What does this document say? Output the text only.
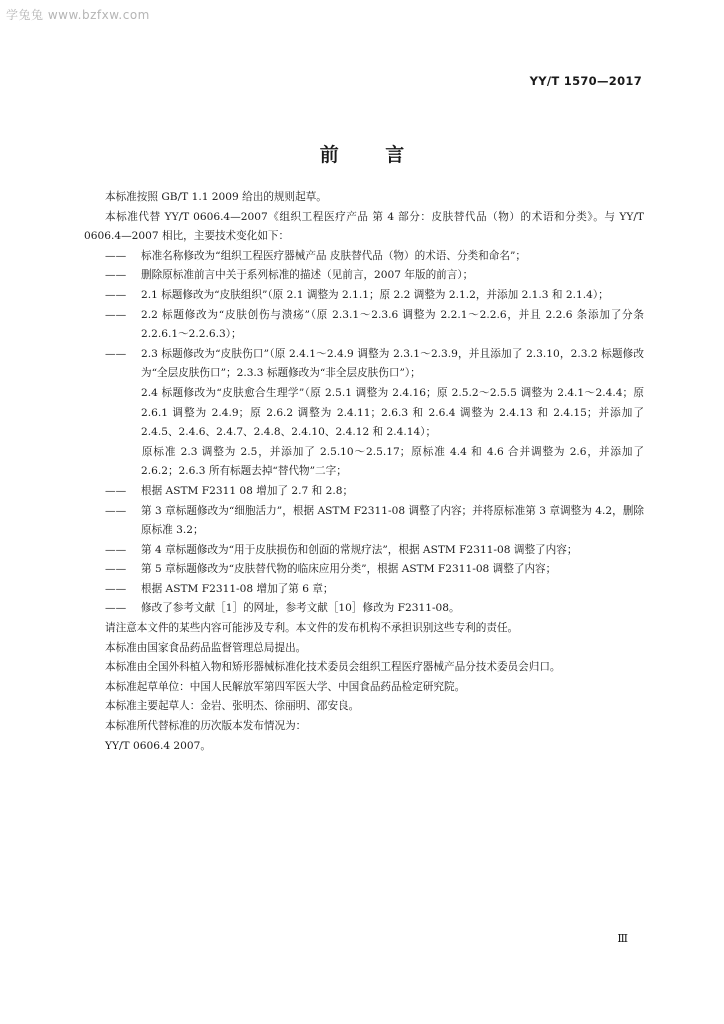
学兔兔 www.bzfxw.com
YY/T 1570—2017
前 言

本标准按照 GB/T 1.1 2009 给出的规则起草。

本标准代替 YY/T 0606.4—2007《组织工程医疗产品 第 4 部分：皮肤替代品（物）的术语和分类》。与 YY/T 0606.4—2007 相比，主要技术变化如下：

—— 标准名称修改为“组织工程医疗器械产品 皮肤替代品（物）的术语、分类和命名”；

—— 删除原标准前言中关于系列标准的描述（见前言，2007 年版的前言）；

—— 2.1 标题修改为“皮肤组织”（原 2.1 调整为 2.1.1；原 2.2 调整为 2.1.2，并添加 2.1.3 和 2.1.4）；

—— 2.2 标题修改为“皮肤创伤与溃疡”（原 2.3.1～2.3.6 调整为 2.2.1～2.2.6，并且 2.2.6 条添加了分条 2.2.6.1～2.2.6.3）；

—— 2.3 标题修改为“皮肤伤口”（原 2.4.1～2.4.9 调整为 2.3.1～2.3.9，并且添加了 2.3.10，2.3.2 标题修改为“全层皮肤伤口”；2.3.3 标题修改为“非全层皮肤伤口”）；

2.4 标题修改为“皮肤愈合生理学”（原 2.5.1 调整为 2.4.16；原 2.5.2～2.5.5 调整为 2.4.1～2.4.4；原 2.6.1 调整为 2.4.9；原 2.6.2 调整为 2.4.11；2.6.3 和 2.6.4 调整为 2.4.13 和 2.4.15；并添加了 2.4.5、2.4.6、2.4.7、2.4.8、2.4.10、2.4.12 和 2.4.14）；

原标准 2.3 调整为 2.5，并添加了 2.5.10～2.5.17；原标准 4.4 和 4.6 合并调整为 2.6，并添加了 2.6.2；2.6.3 所有标题去掉“替代物”二字；

—— 根据 ASTM F2311 08 增加了 2.7 和 2.8；

—— 第 3 章标题修改为“细胞活力”，根据 ASTM F2311-08 调整了内容；并将原标准第 3 章调整为 4.2，删除原标准 3.2；

—— 第 4 章标题修改为“用于皮肤损伤和创面的常规疗法”，根据 ASTM F2311-08 调整了内容；

—— 第 5 章标题修改为“皮肤替代物的临床应用分类”，根据 ASTM F2311-08 调整了内容；

—— 根据 ASTM F2311-08 增加了第 6 章；

—— 修改了参考文献［1］的网址，参考文献［10］修改为 F2311-08。

请注意本文件的某些内容可能涉及专利。本文件的发布机构不承担识别这些专利的责任。

本标准由国家食品药品监督管理总局提出。

本标准由全国外科植入物和矫形器械标准化技术委员会组织工程医疗器械产品分技术委员会归口。

本标准起草单位：中国人民解放军第四军医大学、中国食品药品检定研究院。

本标准主要起草人：金岩、张明杰、徐丽明、邵安良。

本标准所代替标准的历次版本发布情况为：

YY/T 0606.4 2007。

Ⅲ
